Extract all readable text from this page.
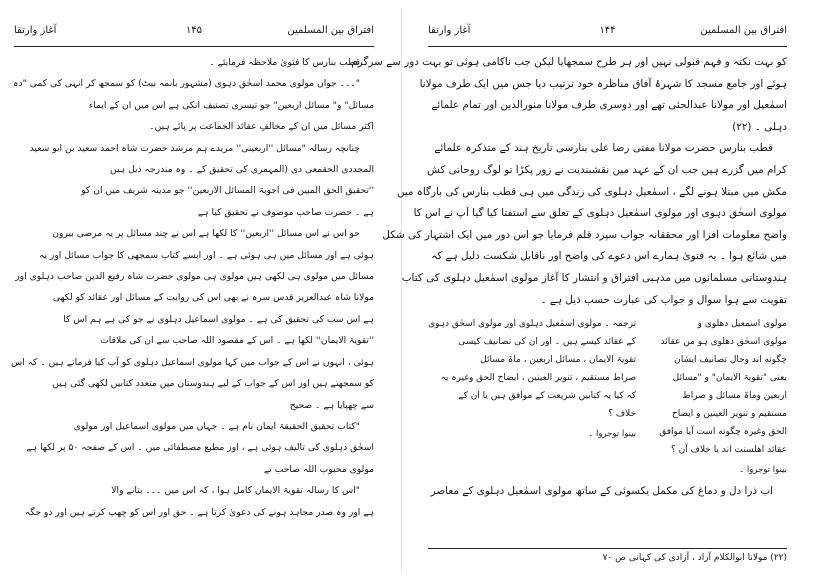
افتراق بین المسلمین
۱۴۵
آغاز وارتقا
قطب بنارس کا فتویٰ ملاحظہ فرمایئے ۔
"۔۔۔ جواں مولوی محمد اسحٰق دہوی (مشہور بانمہ بیٹ) کو سمجھ کر انہی کی کمی "دہ
مسائل" و" مسائل اربعین" جو تیسری تصنیف انکی ہے اس میں ان کے ایماء
اکثر مسائل میں ان کے مخالفِ عقائد الجماعت پر پائے ہیں۔
چنانچہ رسالہ "مسائل ''اربعینی'' مریدے ہم مرشد حضرت شاہ احمد سعید بن ابو سعید
المجددی الحقمعی دی (المہمری کی تحقیق کے ۔ وہ مندرجہ ذیل ہیں
''تحقیق الحق المبین فی اجوبۃ المسائل الاربعین'' جو مدینہ شریف میں ان کو
ہے ۔ حضرت صاحب موصوف نے تحقیق کیا ہے
جو اس نے اس مسائل ''اربعین'' کا لکھا ہے اس نے چند مسائل پر یہ مرضی بیرون
ہوئی ہے اور مسائل میں ہی ہوئی ہے ۔ اور ایسے کتاب سمجھی کا جواب مسائل اور یہ
مسائل میں مولوی ہی لکھی ہیں مولوی ہی مولوی حضرت شاہ رفیع الدین صاحب دہلوی اور
مولانا شاہ عبدالعزیز قدس سرہ نے بھی اس کی روایت کے مسائل اور عقائد کو لکھی
ہے اس سب کی تحقیق کی ہے ۔ مولوی اسماعیل دہلوی نے جو کی ہے ہم اس کا
''تقویۃ الایمان'' لکھا ہے ۔ اس کے مقصود اللہ صاحب سے ان کی ملاقات
ہوئی ، انہوں نے اس کے جواب میں کہا مولوی اسماعیل دہلوی کو آپ کیا فرماتے ہیں ۔ کہ اس
کو سمجھتے ہیں اور اس کے جواب کے لیے ہندوستان میں متعدد کتابیں لکھی گئی ہیں
سے چھپایا ہے ۔ صحیح
"کتاب تحقیق الحقیقۃ ایمان نام ہے ۔ جہاں میں مولوی اسماعیل اور مولوی
اسحٰق دہلوی کی تالیف ہوئی ہے ، اور مطبع مصطفائی میں ۔ اس کے صفحہ ۵۰ پر لکھا ہے
مولوی محبوب اللہ صاحب نے
"اس کا رسالہ تقویۃ الایمان کامل ہوا ، کہ اس میں ۔۔۔ بتانے والا
ہے اور وہ صدر مجاہد ہونے کی دعویٰ کرتا ہے ۔ حق اور اس کو چھپ کرتے ہیں اور دو جگہ
افتراق بین المسلمین
۱۴۴
آغاز وارتقا
کو بہت نکتہ و فہم قبولی نہیں اور ہر طرح سمجھایا لیکن جب ناکامی ہوئی تو بہت دور سے سرگرم
ہوئے اور جامع مسجد کا شہرۂ آفاق مناظرہ خود ترتیب دیا جس میں ایک طرف مولانا
اسمٰعیل اور مولانا عبدالحئی تھے اور دوسری طرف مولانا منورالدین اور تمام علمائے
دہلی ۔ (۲۲)
قطب بنارس حضرت مولانا مفتی رضا علی بنارسی تاریخ ہند کے متذکرہ علمائے
کرام میں گزرے ہیں جب ان کے عہد میں نقشبندیت نے زور پکڑا تو لوگ روحانی کش
مکش میں مبتلا ہونے لگے ، اسمٰعیل دہلوی کی زندگی میں ہی قطب بنارس کی بارگاہ میں
مولوی اسحٰق دہوی اور مولوی اسمٰعیل دہلوی کے تعلق سے استفتا کیا گیا آپ نے اس کا
واضح معلومات افزا اور محققانہ جواب سپرد قلم فرمایا جو اس دور میں ایک اشتہار کی شکل
میں شائع ہوا ۔ یہ فتویٰ ہمارے اس دعوے کی واضح اور ناقابل شکست دلیل ہے کہ
ہندوستانی مسلمانوں میں مذہبی افتراق و انتشار کا آغاز مولوی اسمٰعیل دہلوی کی کتاب
تقویت سے ہوا سوال و جواب کی عبارت حسب ذیل ہے ۔
مولوی اسمعیل دھلوی و
مولوی اسحٰق دھلوی ہو من عقائد
چگونه اند وحال تصانیف ایشان
یعنی "تقویۃ الایمان" و "مسائل
اربعین وماۃ مسائل و صراط
مستقیم و تنویر العینین و ایضاح
الحق وغیرہ چگونه است آیا موافق
عقائد اهلسنت اند یا خلاف آن ؟
بینوا توجروا ۔
ترجمہ ۔ مولوی اسمٰعیل دہلوی اور مولوی اسحٰق دہوی
کے عقائد کیسے ہیں ۔ اور ان کی تصانیف کیسی
تقویۃ الایمان ، مسائل اربعین ، ماۃ مسائل
صراط مستقیم ، تنویر العینین ، ایضاح الحق وغیرہ یہ
کہ کیا یہ کتابیں شریعت کے موافق ہیں یا ان کے
خلاف ؟
بینوا توجروا ۔
اب ذرا دل و دماغ کی مکمل یکسوئی کے ساتھ مولوی اسمٰعیل دہلوی کے معاصر
(۲۲) مولانا ابوالکلام آزاد ، آزادی کی کہانی ص ۷۰
